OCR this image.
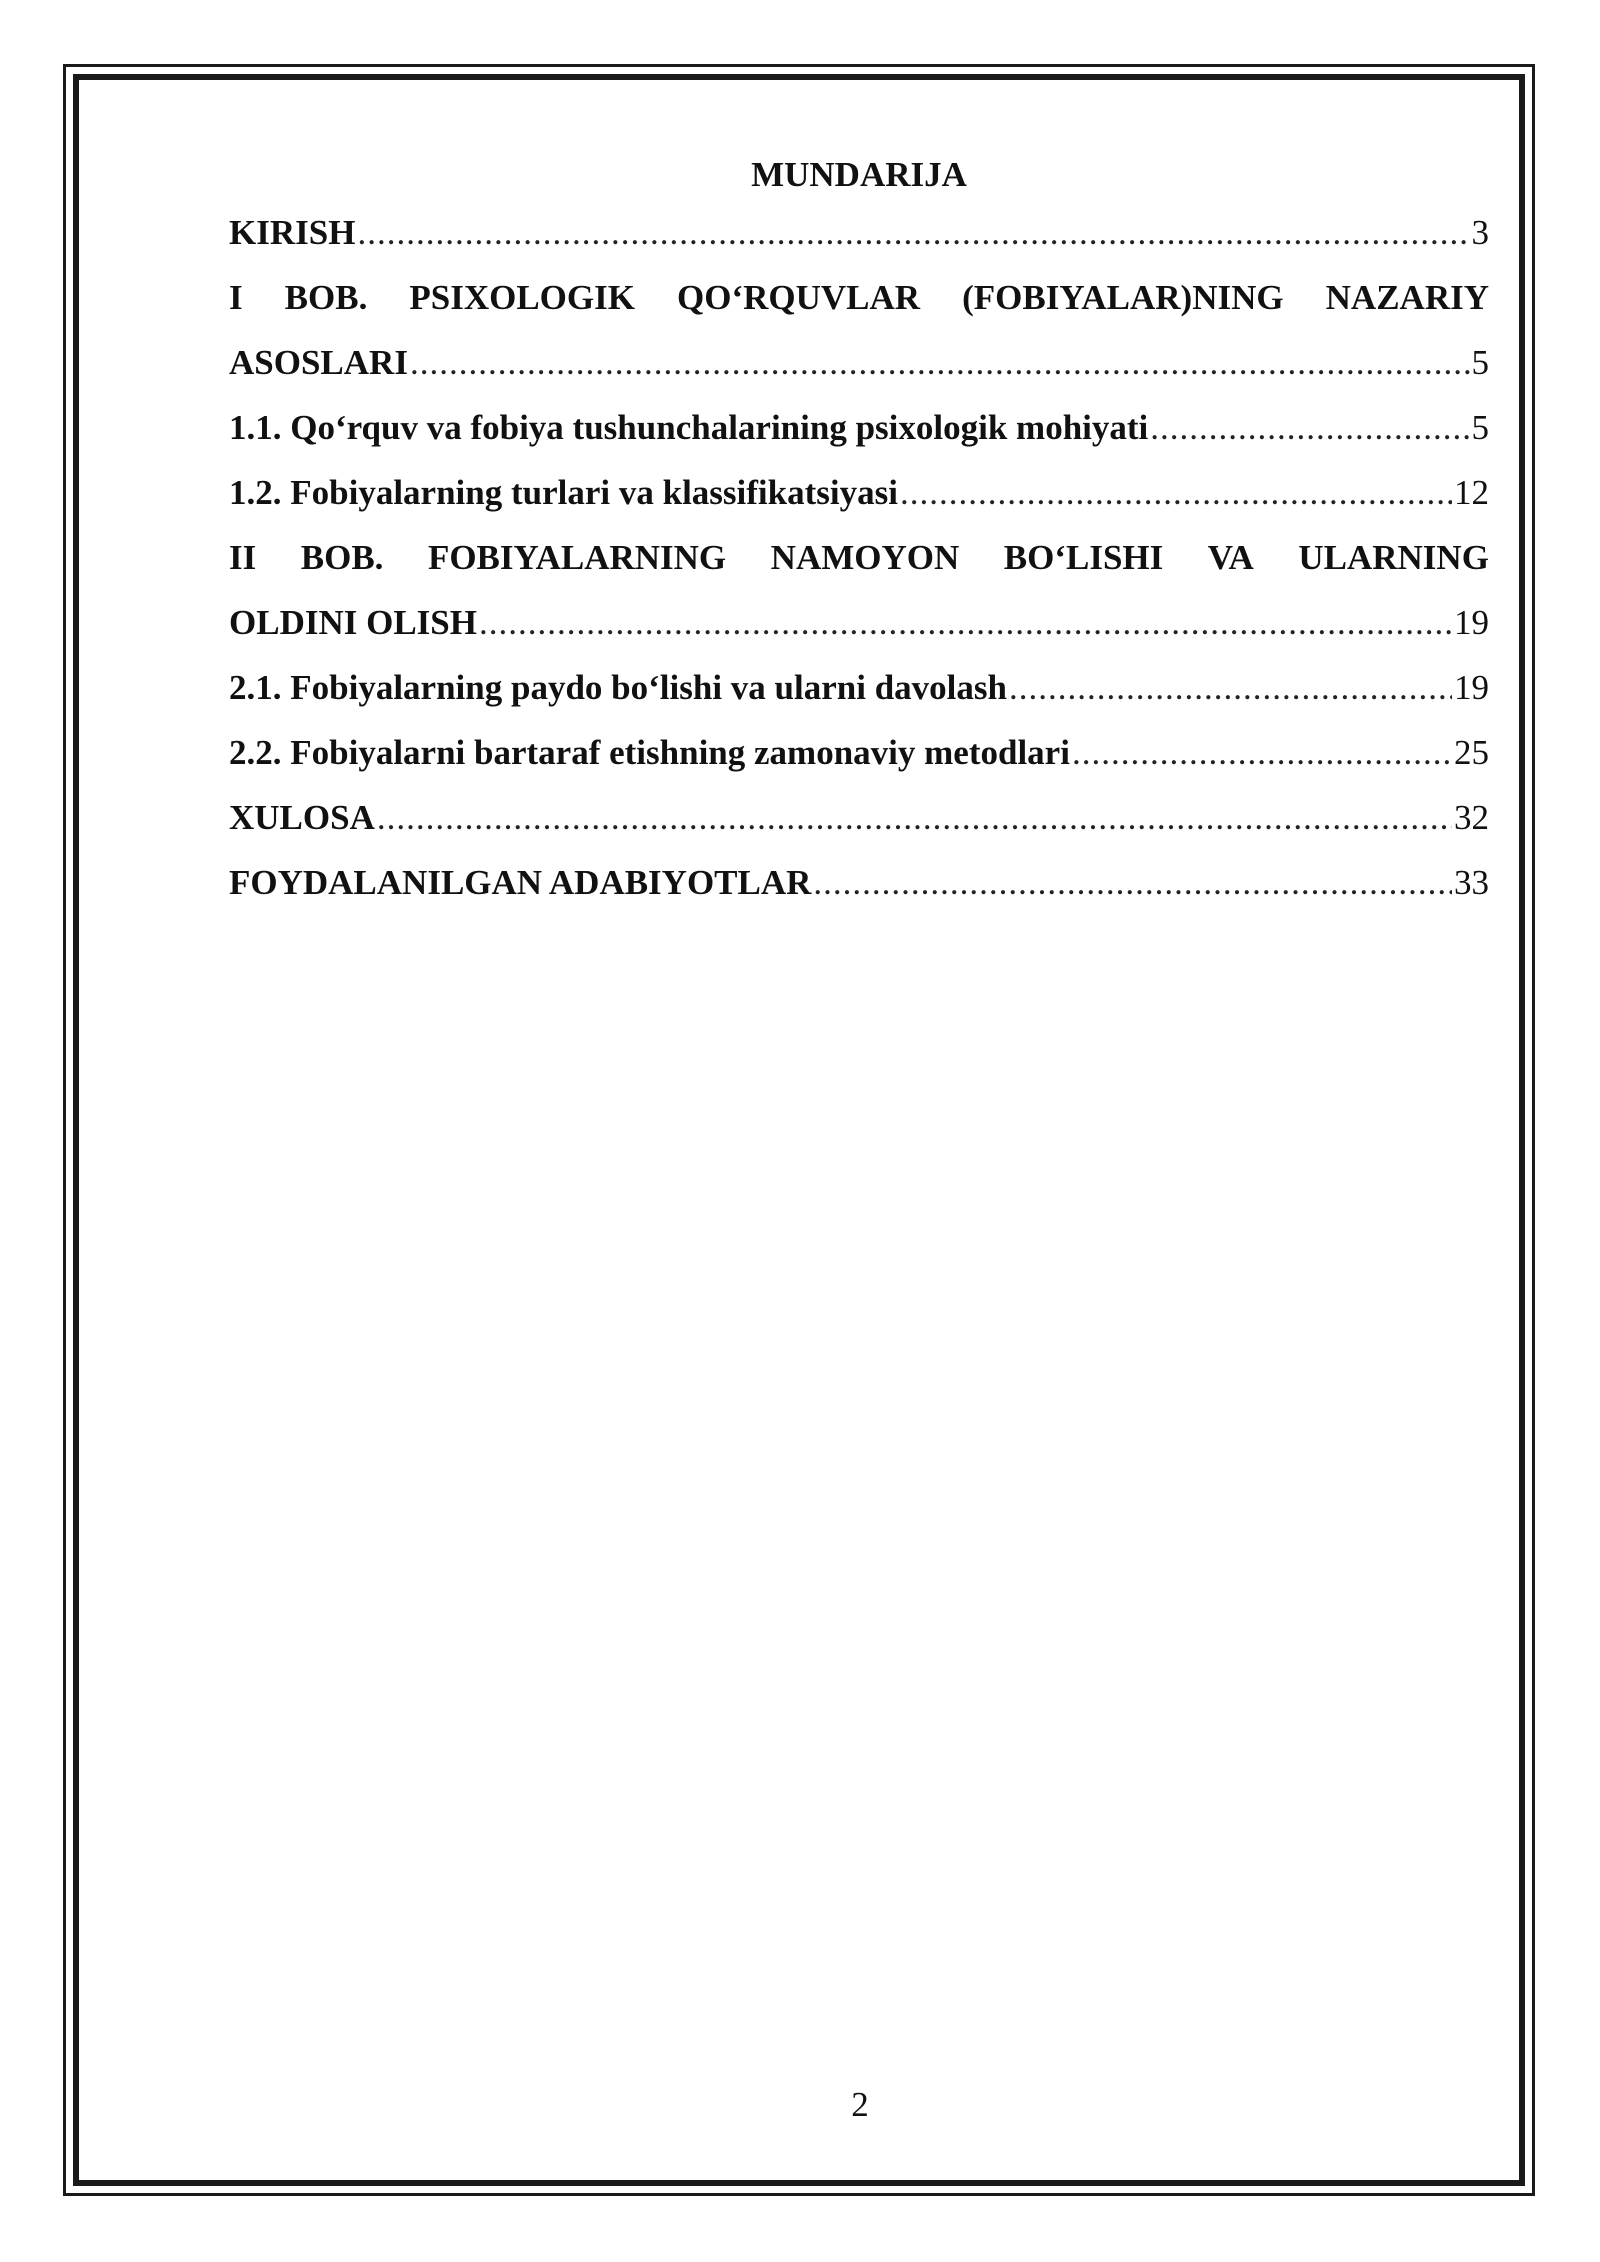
MUNDARIJA
KIRISH .....	3
I BOB. PSIXOLOGIK QO‘RQUVLAR (FOBIYALAR)NING NAZARIY
ASOSLARI .....	5
1.1. Qo‘rquv va fobiya tushunchalarining psixologik mohiyati .....	5
1.2. Fobiyalarning turlari va klassifikatsiyasi .....	12
II BOB. FOBIYALARNING NAMOYON BO‘LISHI VA ULARNING
OLDINI OLISH .....	19
2.1. Fobiyalarning paydo bo‘lishi va ularni davolash .....	19
2.2. Fobiyalarni bartaraf etishning zamonaviy metodlari .....	25
XULOSA .....	32
FOYDALANILGAN ADABIYOTLAR .....	33
2
